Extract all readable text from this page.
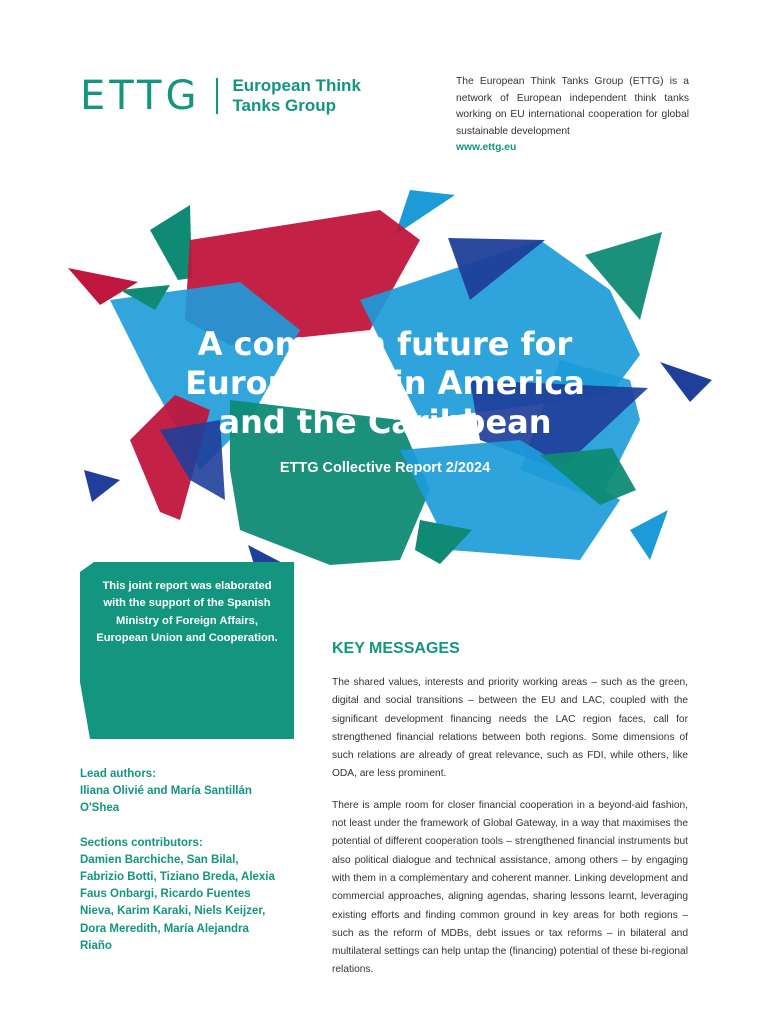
ETTG European Think
Tanks Group
The European Think Tanks Group (ETTG) is a network of European independent think tanks working on EU international cooperation for global sustainable development
www.ettg.eu
A common future for
Europe, Latin America
and the Caribbean

ETTG Collective Report 2/2024

This joint report was elaborated with the support of the Spanish Ministry of Foreign Affairs, European Union and Cooperation.

Lead authors:

Iliana Olivié and María Santillán O'Shea

Sections contributors:

Damien Barchiche, San Bilal, Fabrizio Botti, Tiziano Breda, Alexia Faus Onbargi, Ricardo Fuentes Nieva, Karim Karaki, Niels Keijzer, Dora Meredith, María Alejandra Riaño

KEY MESSAGES

The shared values, interests and priority working areas – such as the green, digital and social transitions – between the EU and LAC, coupled with the significant development financing needs the LAC region faces, call for strengthened financial relations between both regions. Some dimensions of such relations are already of great relevance, such as FDI, while others, like ODA, are less prominent.

There is ample room for closer financial cooperation in a beyond-aid fashion, not least under the framework of Global Gateway, in a way that maximises the potential of different cooperation tools – strengthened financial instruments but also political dialogue and technical assistance, among others – by engaging with them in a complementary and coherent manner. Linking development and commercial approaches, aligning agendas, sharing lessons learnt, leveraging existing efforts and finding common ground in key areas for both regions – such as the reform of MDBs, debt issues or tax reforms – in bilateral and multilateral settings can help untap the (financing) potential of these bi-regional relations.
